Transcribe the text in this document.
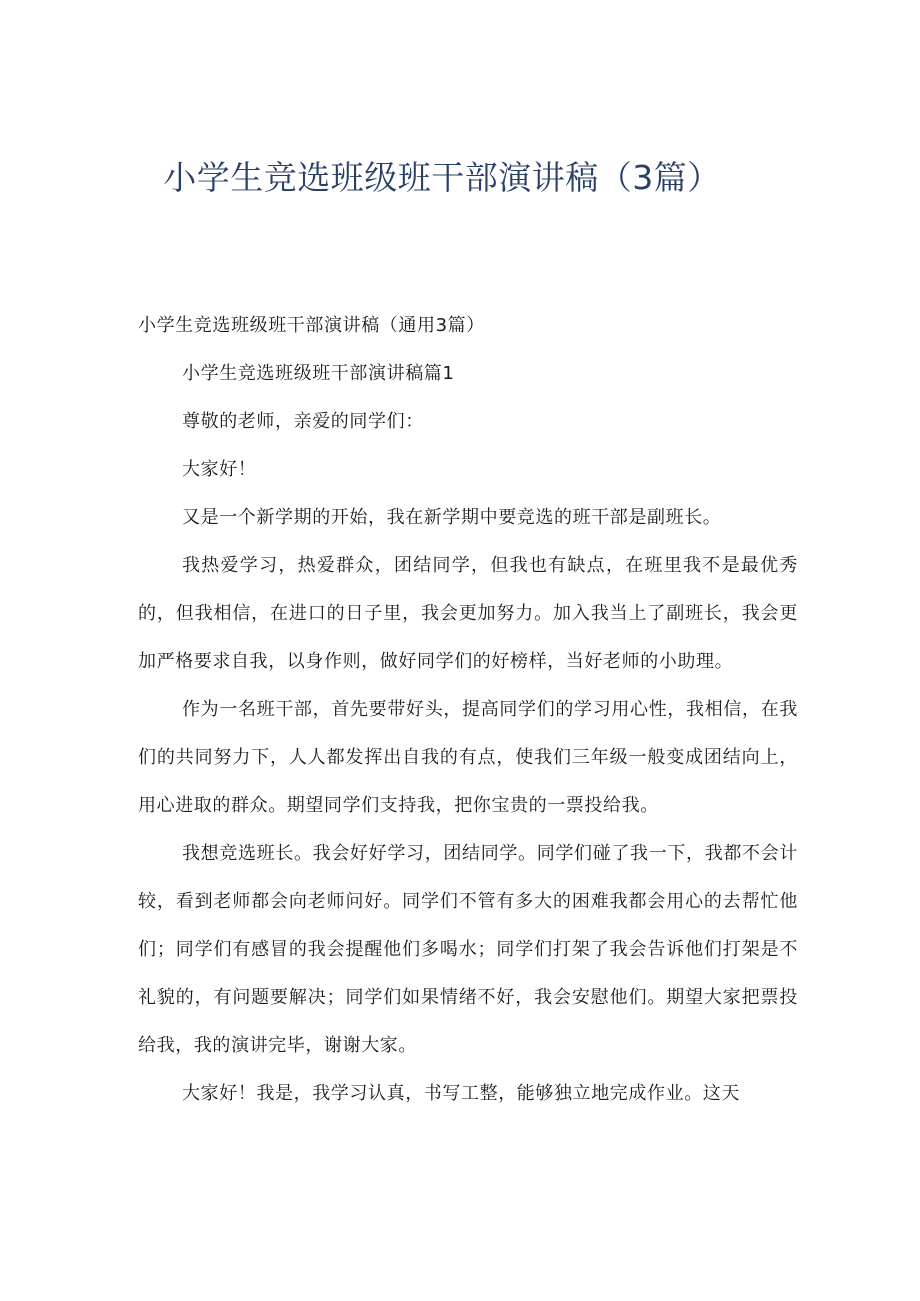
小学生竞选班级班干部演讲稿（3篇）

小学生竞选班级班干部演讲稿（通用3篇）

小学生竞选班级班干部演讲稿篇1

尊敬的老师，亲爱的同学们：

大家好！

又是一个新学期的开始，我在新学期中要竞选的班干部是副班长。

我热爱学习，热爱群众，团结同学，但我也有缺点，在班里我不是最优秀的，但我相信，在进口的日子里，我会更加努力。加入我当上了副班长，我会更加严格要求自我，以身作则，做好同学们的好榜样，当好老师的小助理。

作为一名班干部，首先要带好头，提高同学们的学习用心性，我相信，在我们的共同努力下，人人都发挥出自我的有点，使我们三年级一般变成团结向上，用心进取的群众。期望同学们支持我，把你宝贵的一票投给我。

我想竞选班长。我会好好学习，团结同学。同学们碰了我一下，我都不会计较，看到老师都会向老师问好。同学们不管有多大的困难我都会用心的去帮忙他们；同学们有感冒的我会提醒他们多喝水；同学们打架了我会告诉他们打架是不礼貌的，有问题要解决；同学们如果情绪不好，我会安慰他们。期望大家把票投给我，我的演讲完毕，谢谢大家。

大家好！我是，我学习认真，书写工整，能够独立地完成作业。这天
